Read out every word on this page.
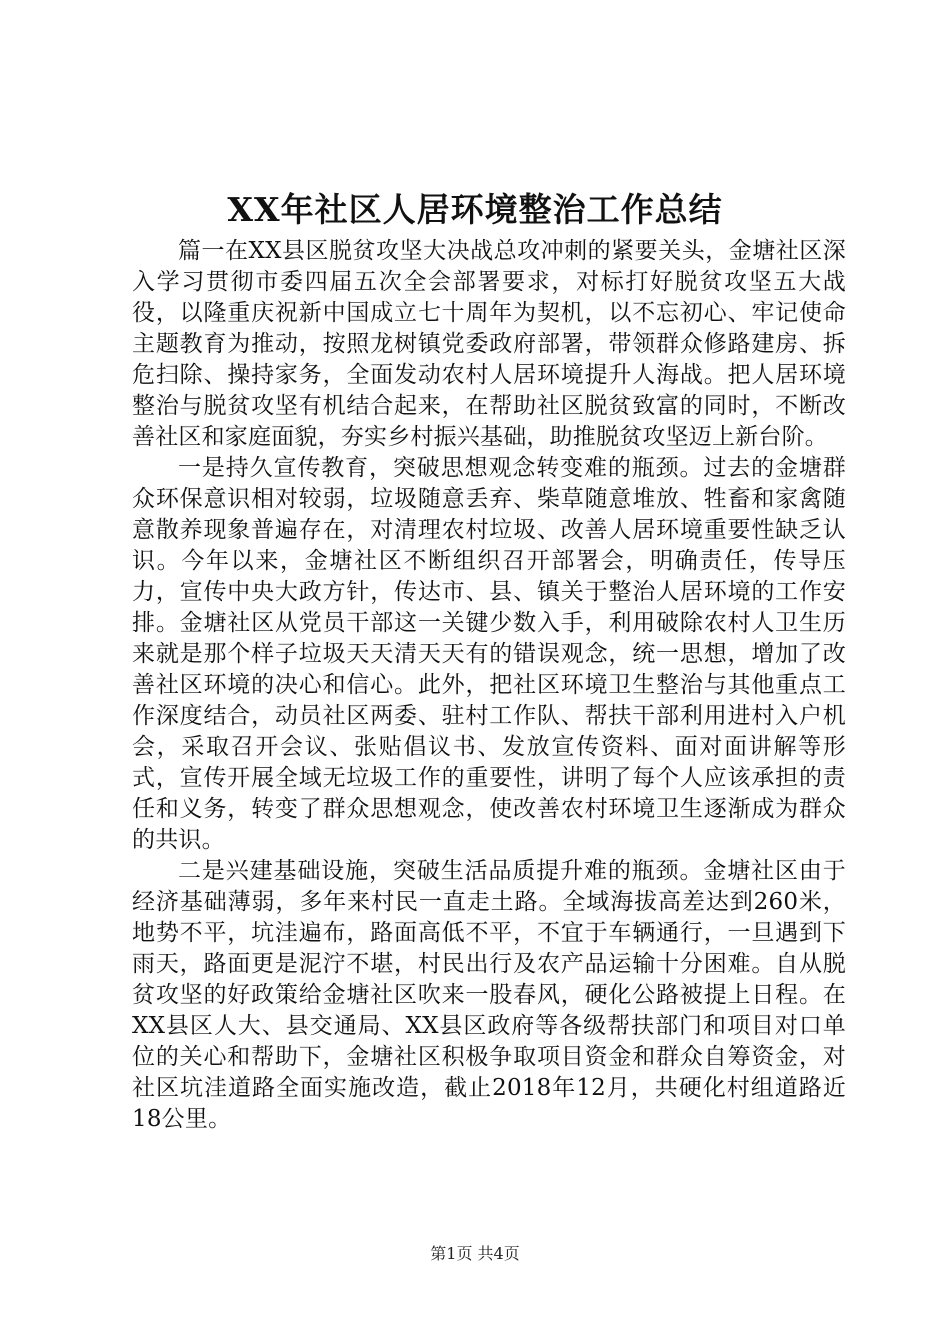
XX年社区人居环境整治工作总结

篇一在XX县区脱贫攻坚大决战总攻冲刺的紧要关头，金塘社区深入学习贯彻市委四届五次全会部署要求，对标打好脱贫攻坚五大战役，以隆重庆祝新中国成立七十周年为契机，以不忘初心、牢记使命主题教育为推动，按照龙树镇党委政府部署，带领群众修路建房、拆危扫除、操持家务，全面发动农村人居环境提升人海战。把人居环境整治与脱贫攻坚有机结合起来，在帮助社区脱贫致富的同时，不断改善社区和家庭面貌，夯实乡村振兴基础，助推脱贫攻坚迈上新台阶。

一是持久宣传教育，突破思想观念转变难的瓶颈。过去的金塘群众环保意识相对较弱，垃圾随意丢弃、柴草随意堆放、牲畜和家禽随意散养现象普遍存在，对清理农村垃圾、改善人居环境重要性缺乏认识。今年以来，金塘社区不断组织召开部署会，明确责任，传导压力，宣传中央大政方针，传达市、县、镇关于整治人居环境的工作安排。金塘社区从党员干部这一关键少数入手，利用破除农村人卫生历来就是那个样子垃圾天天清天天有的错误观念，统一思想，增加了改善社区环境的决心和信心。此外，把社区环境卫生整治与其他重点工作深度结合，动员社区两委、驻村工作队、帮扶干部利用进村入户机会，采取召开会议、张贴倡议书、发放宣传资料、面对面讲解等形式，宣传开展全域无垃圾工作的重要性，讲明了每个人应该承担的责任和义务，转变了群众思想观念，使改善农村环境卫生逐渐成为群众的共识。

二是兴建基础设施，突破生活品质提升难的瓶颈。金塘社区由于经济基础薄弱，多年来村民一直走土路。全域海拔高差达到260米，地势不平，坑洼遍布，路面高低不平，不宜于车辆通行，一旦遇到下雨天，路面更是泥泞不堪，村民出行及农产品运输十分困难。自从脱贫攻坚的好政策给金塘社区吹来一股春风，硬化公路被提上日程。在XX县区人大、县交通局、XX县区政府等各级帮扶部门和项目对口单位的关心和帮助下，金塘社区积极争取项目资金和群众自筹资金，对社区坑洼道路全面实施改造，截止2018年12月，共硬化村组道路近18公里。

第1页 共4页
